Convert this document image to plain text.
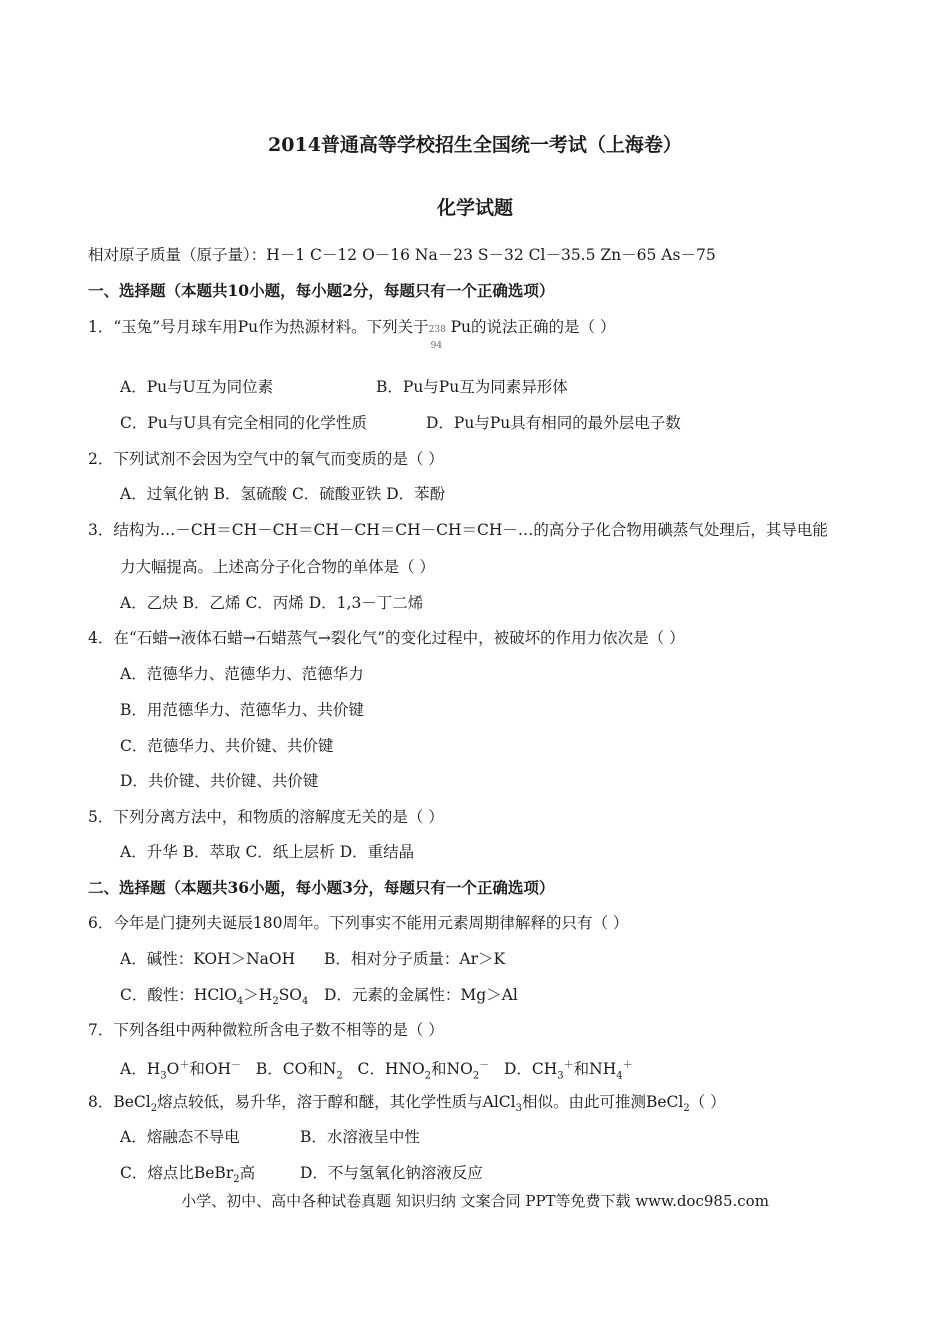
2014普通高等学校招生全国统一考试（上海卷）
化学试题
相对原子质量（原子量）：H－1 C－12 O－16 Na－23 S－32 Cl－35.5 Zn－65 As－75
一、选择题（本题共10小题，每小题2分，每题只有一个正确选项）
1．“玉兔”号月球车用Pu作为热源材料。下列关于 238
94
Pu的说法正确的是（ ）
A．Pu与U互为同位素	B．Pu与Pu互为同素异形体
C．Pu与U具有完全相同的化学性质	D．Pu与Pu具有相同的最外层电子数
2．下列试剂不会因为空气中的氧气而变质的是（ ）
A．过氧化钠 B．氢硫酸 C．硫酸亚铁 D．苯酚
3．结构为…－CH＝CH－CH＝CH－CH＝CH－CH＝CH－…的高分子化合物用碘蒸气处理后，其导电能
力大幅提高。上述高分子化合物的单体是（ ）
A．乙炔 B．乙烯 C．丙烯 D．1,3－丁二烯
4．在“石蜡→液体石蜡→石蜡蒸气→裂化气”的变化过程中，被破坏的作用力依次是（ ）
A．范德华力、范德华力、范德华力
B．用范德华力、范德华力、共价键
C．范德华力、共价键、共价键
D．共价键、共价键、共价键
5．下列分离方法中，和物质的溶解度无关的是（ ）
A．升华 B．萃取 C．纸上层析 D．重结晶
二、选择题（本题共36小题，每小题3分，每题只有一个正确选项）
6．今年是门捷列夫诞辰180周年。下列事实不能用元素周期律解释的只有（ ）
A．碱性：KOH＞NaOH B．相对分子质量：Ar＞K
C．酸性：$HClO_4>H_2SO_4$ D．元素的金属性：Mg＞Al
7．下列各组中两种微粒所含电子数不相等的是（ ）
A．$H_3O^+$和OH－ B．CO和$N_2$ C．$HNO_2$和$NO_2^-$ D．$CH_3^+$和$NH_4^+$
8．BeCl$_2$熔点较低，易升华，溶于醇和醚，其化学性质与AlCl$_3$相似。由此可推测BeCl$_2$（ ）
A．熔融态不导电	B．水溶液呈中性
C．熔点比BeBr$_2$高	D．不与氢氧化钠溶液反应
小学、初中、高中各种试卷真题 知识归纳 文案合同 PPT等免费下载 www.doc985.com
